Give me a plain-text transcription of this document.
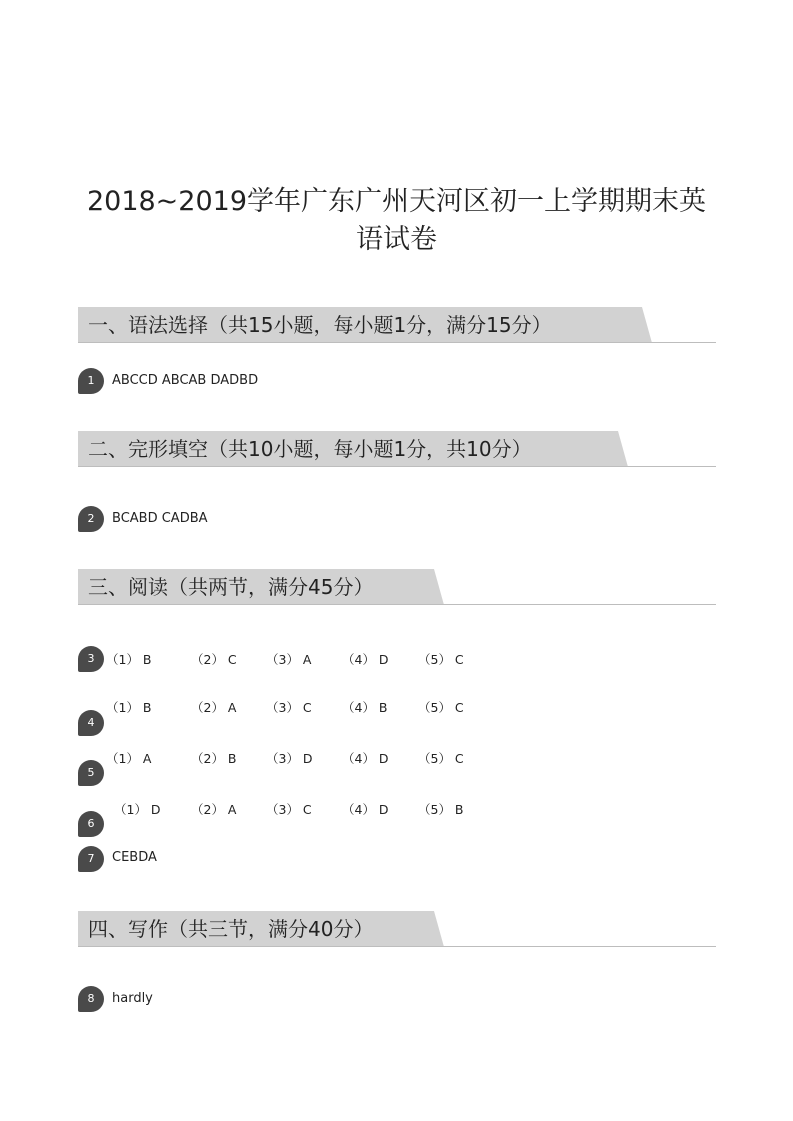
2018~2019学年广东广州天河区初一上学期期末英
语试卷
一、语法选择（共15小题，每小题1分，满分15分）
1	ABCCD ABCAB DADBD
二、完形填空（共10小题，每小题1分，共10分）
2	BCABD CADBA
三、阅读（共两节，满分45分）
3 （1） B	（2） C （3） A （4） D （5） C
4
（1） B	（2） A （3） C （4） B （5） C
5
（1） A	（2） B （3） D （4） D （5） C
6
（1） D （2） A （3） C （4） D （5） B
7	CEBDA
四、写作（共三节，满分40分）
8	hardly
